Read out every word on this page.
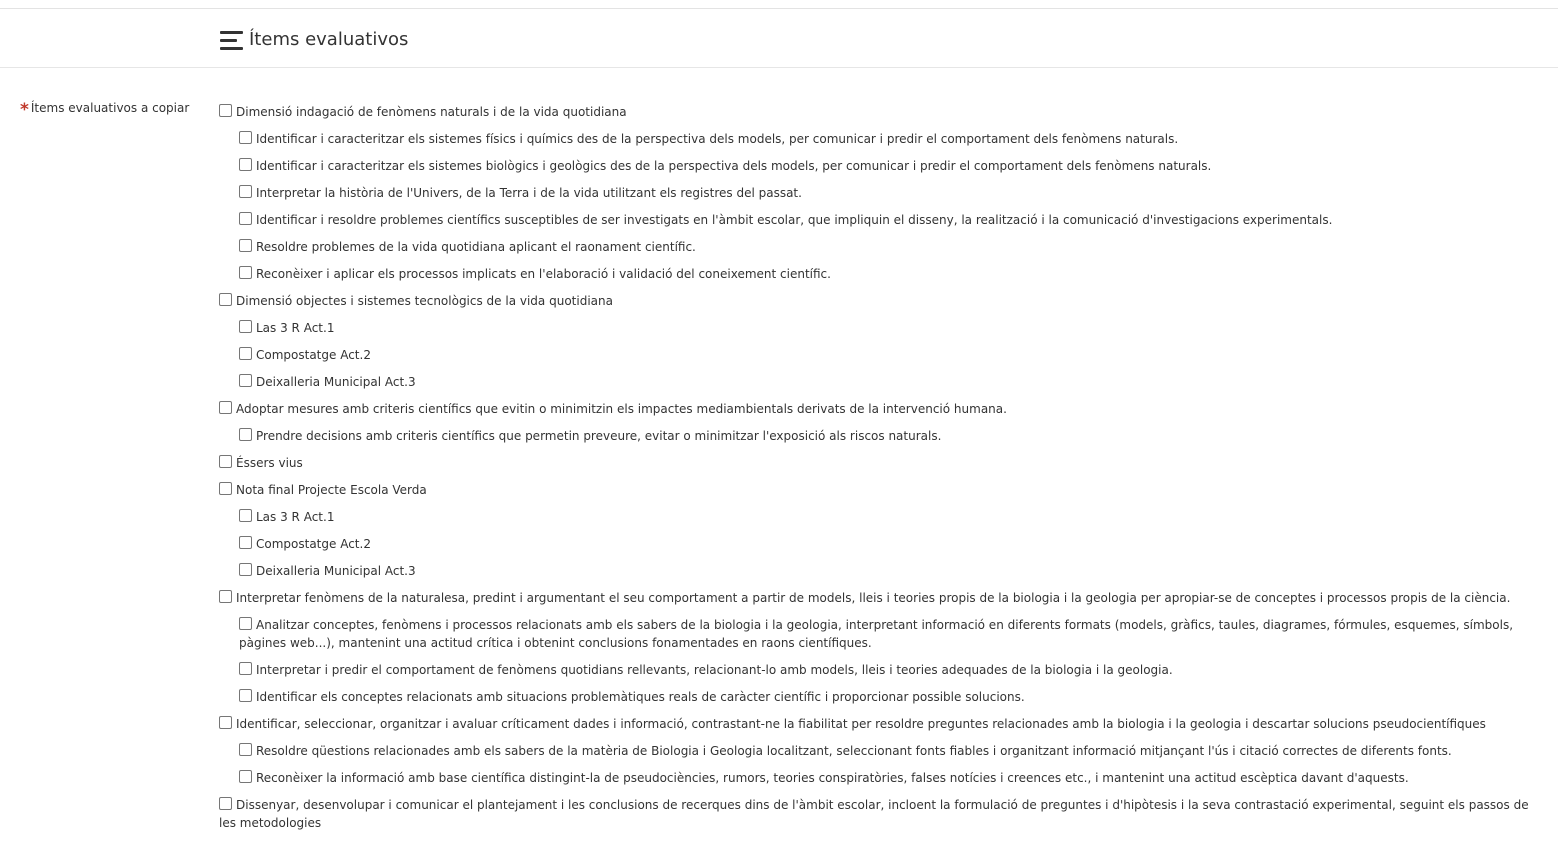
Ítems evaluativos
* Ítems evaluativos a copiar	Dimensió indagació de fenòmens naturals i de la vida quotidiana
Identificar i caracteritzar els sistemes físics i químics des de la perspectiva dels models, per comunicar i predir el comportament dels fenòmens naturals.
Identificar i caracteritzar els sistemes biològics i geològics des de la perspectiva dels models, per comunicar i predir el comportament dels fenòmens naturals.
Interpretar la història de l'Univers, de la Terra i de la vida utilitzant els registres del passat.
Identificar i resoldre problemes científics susceptibles de ser investigats en l'àmbit escolar, que impliquin el disseny, la realització i la comunicació d'investigacions experimentals.
Resoldre problemes de la vida quotidiana aplicant el raonament científic.
Reconèixer i aplicar els processos implicats en l'elaboració i validació del coneixement científic.
Dimensió objectes i sistemes tecnològics de la vida quotidiana
Las 3 R Act.1
Compostatge Act.2
Deixalleria Municipal Act.3
Adoptar mesures amb criteris científics que evitin o minimitzin els impactes mediambientals derivats de la intervenció humana.
Prendre decisions amb criteris científics que permetin preveure, evitar o minimitzar l'exposició als riscos naturals.
Éssers vius
Nota final Projecte Escola Verda
Las 3 R Act.1
Compostatge Act.2
Deixalleria Municipal Act.3
Interpretar fenòmens de la naturalesa, predint i argumentant el seu comportament a partir de models, lleis i teories propis de la biologia i la geologia per apropiar-se de conceptes i processos propis de la ciència.
Analitzar conceptes, fenòmens i processos relacionats amb els sabers de la biologia i la geologia, interpretant informació en diferents formats (models, gràfics, taules, diagrames, fórmules, esquemes, símbols, pàgines web...), mantenint una actitud crítica i obtenint conclusions fonamentades en raons científiques.
Interpretar i predir el comportament de fenòmens quotidians rellevants, relacionant-lo amb models, lleis i teories adequades de la biologia i la geologia.
Identificar els conceptes relacionats amb situacions problemàtiques reals de caràcter científic i proporcionar possible solucions.
Identificar, seleccionar, organitzar i avaluar críticament dades i informació, contrastant-ne la fiabilitat per resoldre preguntes relacionades amb la biologia i la geologia i descartar solucions pseudocientífiques
Resoldre qüestions relacionades amb els sabers de la matèria de Biologia i Geologia localitzant, seleccionant fonts fiables i organitzant informació mitjançant l'ús i citació correctes de diferents fonts.
Reconèixer la informació amb base científica distingint-la de pseudociències, rumors, teories conspiratòries, falses notícies i creences etc., i mantenint una actitud escèptica davant d'aquests.
Dissenyar, desenvolupar i comunicar el plantejament i les conclusions de recerques dins de l'àmbit escolar, incloent la formulació de preguntes i d'hipòtesis i la seva contrastació experimental, seguint els passos de les metodologies
